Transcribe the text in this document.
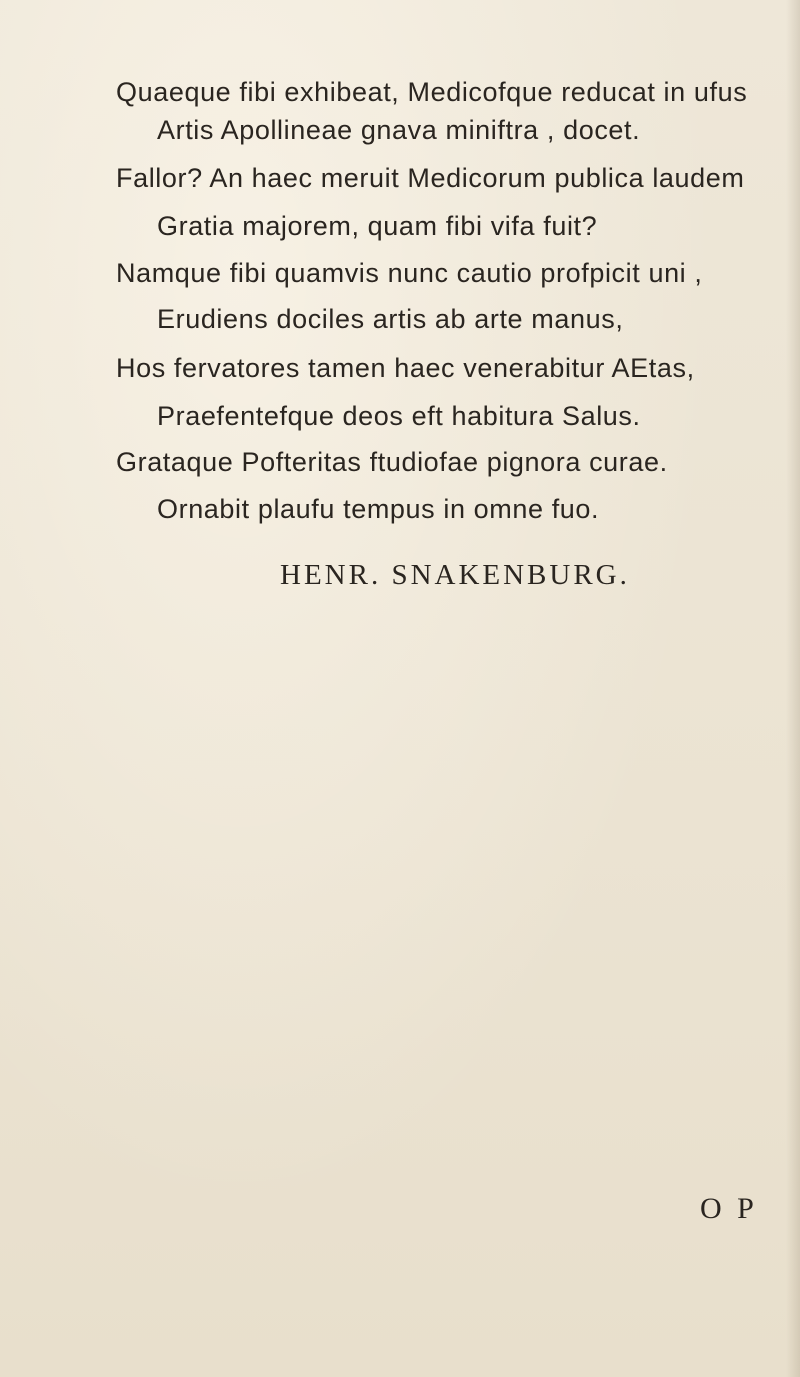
Quaeque fibi exhibeat, Medicofque reducat in ufus
Artis Apollineae gnava miniftra , docet.
Fallor? An haec meruit Medicorum publica laudem
Gratia majorem, quam fibi vifa fuit?
Namque fibi quamvis nunc cautio profpicit uni ,
Erudiens dociles artis ab arte manus,
Hos fervatores tamen haec venerabitur AEtas,
Praefentefque deos eft habitura Salus.
Grataque Pofteritas ftudiofae pignora curae.
Ornabit plaufu tempus in omne fuo.
HENR. SNAKENBURG.
O P
